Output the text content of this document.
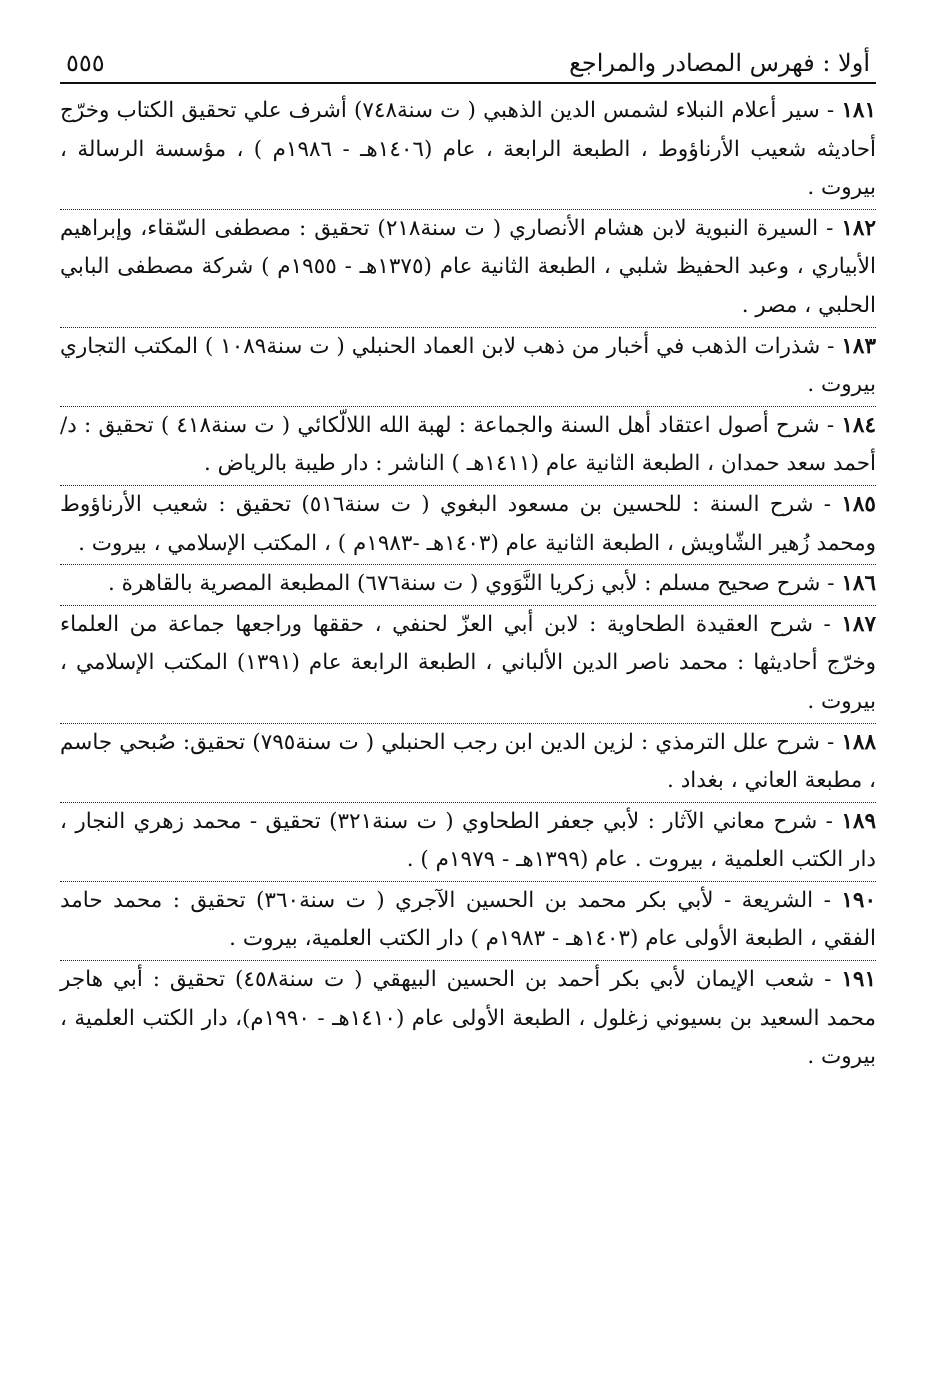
أولا : فهرس المصادر والمراجع
٥٥٥
١٨١ - سير أعلام النبلاء لشمس الدين الذهبي ( ت سنة٧٤٨) أشرف علي تحقيق الكتاب وخرّج أحاديثه شعيب الأرناؤوط ، الطبعة الرابعة ، عام (١٤٠٦هـ - ١٩٨٦م ) ، مؤسسة الرسالة ، بيروت .
١٨٢ - السيرة النبوية لابن هشام الأنصاري ( ت سنة٢١٨) تحقيق : مصطفى السّقاء، وإبراهيم الأبياري ، وعبد الحفيظ شلبي ، الطبعة الثانية عام (١٣٧٥هـ - ١٩٥٥م ) شركة مصطفى البابي الحلبي ، مصر .
١٨٣ - شذرات الذهب في أخبار من ذهب لابن العماد الحنبلي ( ت سنة١٠٨٩ ) المكتب التجاري بيروت .
١٨٤ - شرح أصول اعتقاد أهل السنة والجماعة : لهبة الله اللالّكائي ( ت سنة٤١٨ ) تحقيق : د/أحمد سعد حمدان ، الطبعة الثانية عام (١٤١١هـ ) الناشر : دار طيبة بالرياض .
١٨٥ - شرح السنة : للحسين بن مسعود البغوي ( ت سنة٥١٦) تحقيق : شعيب الأرناؤوط ومحمد زُهير الشّاويش ، الطبعة الثانية عام (١٤٠٣هـ -١٩٨٣م ) ، المكتب الإسلامي ، بيروت .
١٨٦ - شرح صحيح مسلم : لأبي زكريا النَّوَوي ( ت سنة٦٧٦) المطبعة المصرية بالقاهرة .
١٨٧ - شرح العقيدة الطحاوية : لابن أبي العزّ لحنفي ، حققها وراجعها جماعة من العلماء وخرّج أحاديثها : محمد ناصر الدين الألباني ، الطبعة الرابعة عام (١٣٩١) المكتب الإسلامي ، بيروت .
١٨٨ - شرح علل الترمذي : لزين الدين ابن رجب الحنبلي ( ت سنة٧٩٥) تحقيق: صُبحي جاسم ، مطبعة العاني ، بغداد .
١٨٩ - شرح معاني الآثار : لأبي جعفر الطحاوي ( ت سنة٣٢١) تحقيق - محمد زهري النجار ، دار الكتب العلمية ، بيروت . عام (١٣٩٩هـ - ١٩٧٩م ) .
١٩٠ - الشريعة - لأبي بكر محمد بن الحسين الآجري ( ت سنة٣٦٠) تحقيق : محمد حامد الفقي ، الطبعة الأولى عام (١٤٠٣هـ - ١٩٨٣م ) دار الكتب العلمية، بيروت .
١٩١ - شعب الإيمان لأبي بكر أحمد بن الحسين البيهقي ( ت سنة٤٥٨) تحقيق : أبي هاجر محمد السعيد بن بسيوني زغلول ، الطبعة الأولى عام (١٤١٠هـ - ١٩٩٠م)، دار الكتب العلمية ، بيروت .
